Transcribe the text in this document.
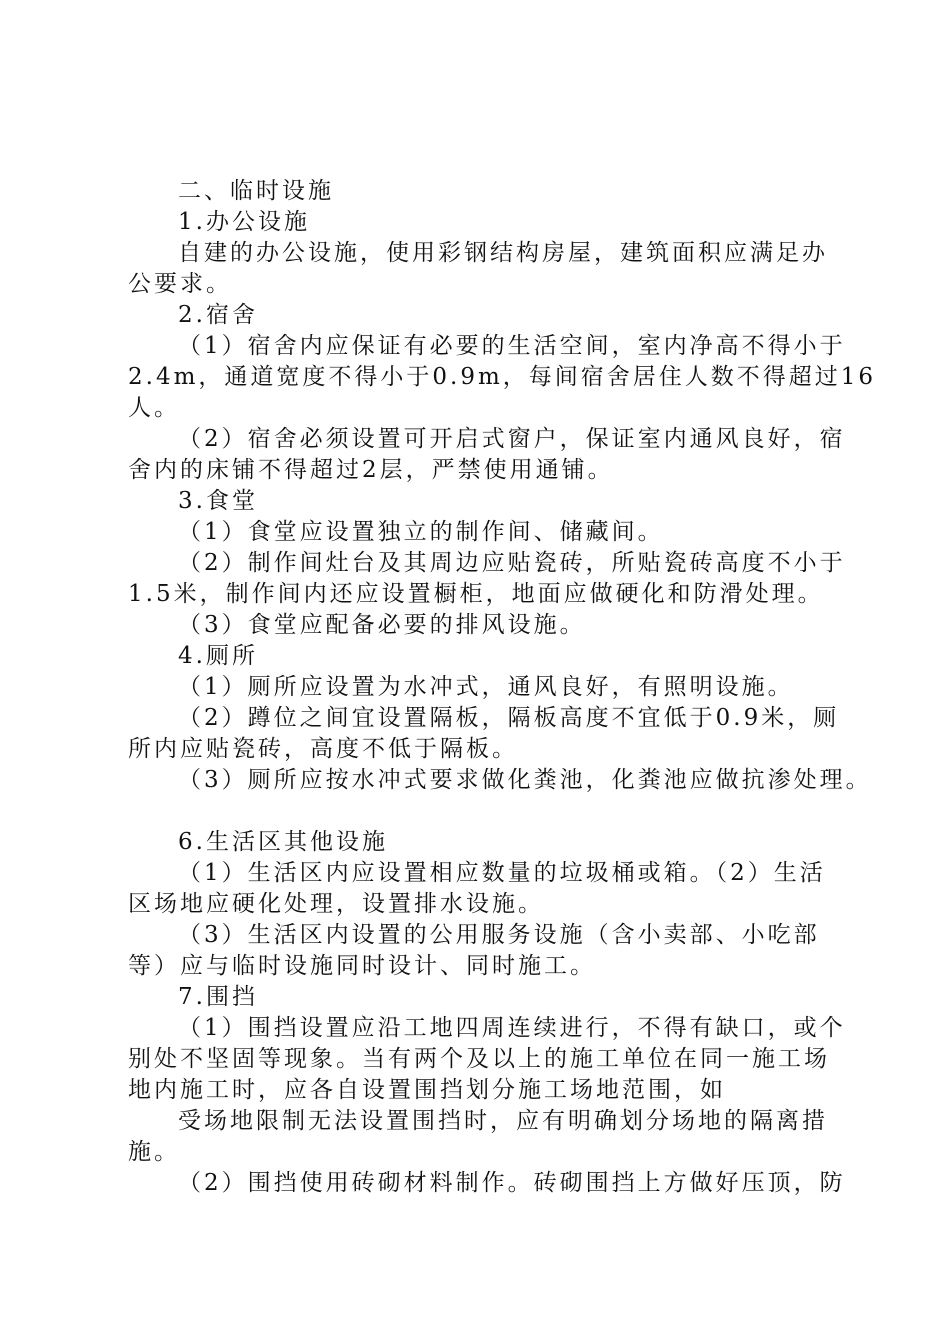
二、临时设施

1.办公设施

自建的办公设施，使用彩钢结构房屋，建筑面积应满足办

公要求。

2.宿舍

（1）宿舍内应保证有必要的生活空间，室内净高不得小于

2.4m，通道宽度不得小于0.9m，每间宿舍居住人数不得超过16

人。

（2）宿舍必须设置可开启式窗户，保证室内通风良好，宿

舍内的床铺不得超过2层，严禁使用通铺。

3.食堂

（1）食堂应设置独立的制作间、储藏间。

（2）制作间灶台及其周边应贴瓷砖，所贴瓷砖高度不小于

1.5米，制作间内还应设置橱柜，地面应做硬化和防滑处理。

（3）食堂应配备必要的排风设施。

4.厕所

（1）厕所应设置为水冲式，通风良好，有照明设施。

（2）蹲位之间宜设置隔板，隔板高度不宜低于0.9米，厕

所内应贴瓷砖，高度不低于隔板。

（3）厕所应按水冲式要求做化粪池，化粪池应做抗渗处理。

6.生活区其他设施

（1）生活区内应设置相应数量的垃圾桶或箱。（2）生活

区场地应硬化处理，设置排水设施。

（3）生活区内设置的公用服务设施（含小卖部、小吃部

等）应与临时设施同时设计、同时施工。

7.围挡

（1）围挡设置应沿工地四周连续进行，不得有缺口，或个

别处不坚固等现象。当有两个及以上的施工单位在同一施工场

地内施工时，应各自设置围挡划分施工场地范围，如

受场地限制无法设置围挡时，应有明确划分场地的隔离措

施。

（2）围挡使用砖砌材料制作。砖砌围挡上方做好压顶，防
